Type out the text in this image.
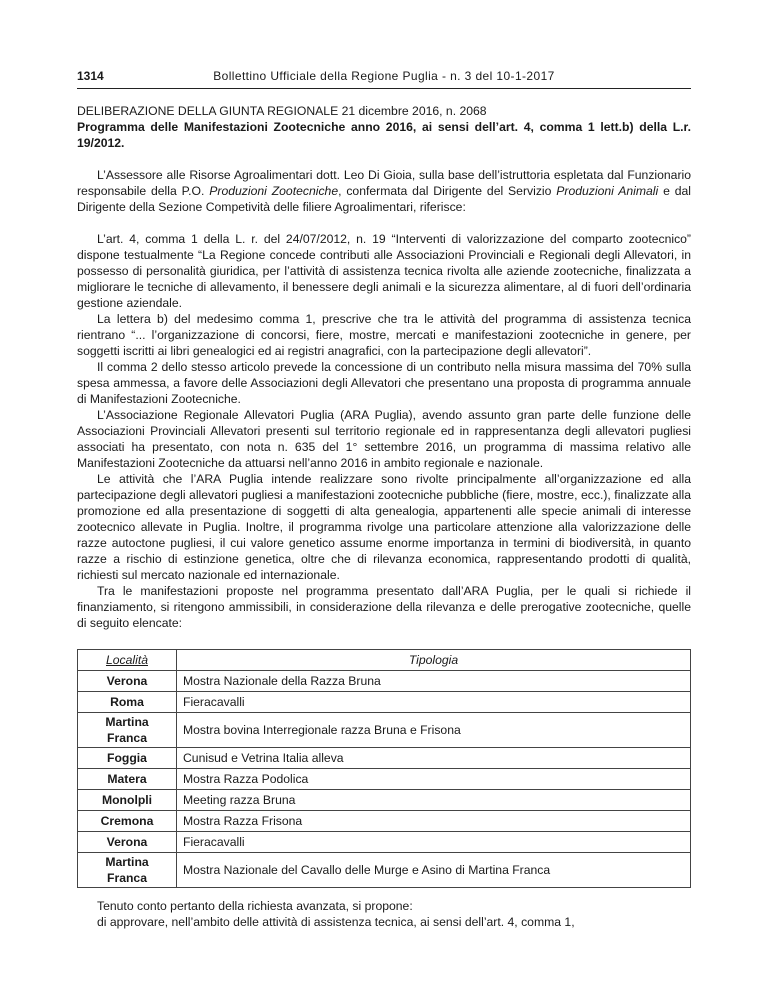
1314	Bollettino Ufficiale della Regione Puglia - n. 3 del 10-1-2017

DELIBERAZIONE DELLA GIUNTA REGIONALE 21 dicembre 2016, n. 2068

Programma delle Manifestazioni Zootecniche anno 2016, ai sensi dell’art. 4, comma 1 lett.b) della L.r. 19/2012.

L’Assessore alle Risorse Agroalimentari dott. Leo Di Gioia, sulla base dell’istruttoria espletata dal Funzionario responsabile della P.O. Produzioni Zootecniche, confermata dal Dirigente del Servizio Produzioni Animali e dal Dirigente della Sezione Competività delle filiere Agroalimentari, riferisce:

L’art. 4, comma 1 della L. r. del 24/07/2012, n. 19 “Interventi di valorizzazione del comparto zootecnico” dispone testualmente “La Regione concede contributi alle Associazioni Provinciali e Regionali degli Allevatori, in possesso di personalità giuridica, per l’attività di assistenza tecnica rivolta alle aziende zootecniche, finalizzata a migliorare le tecniche di allevamento, il benessere degli animali e la sicurezza alimentare, al di fuori dell’ordinaria gestione aziendale.

La lettera b) del medesimo comma 1, prescrive che tra le attività del programma di assistenza tecnica rientrano “... l’organizzazione di concorsi, fiere, mostre, mercati e manifestazioni zootecniche in genere, per soggetti iscritti ai libri genealogici ed ai registri anagrafici, con la partecipazione degli allevatori”.

Il comma 2 dello stesso articolo prevede la concessione di un contributo nella misura massima del 70% sulla spesa ammessa, a favore delle Associazioni degli Allevatori che presentano una proposta di programma annuale di Manifestazioni Zootecniche.

L’Associazione Regionale Allevatori Puglia (ARA Puglia), avendo assunto gran parte delle funzione delle Associazioni Provinciali Allevatori presenti sul territorio regionale ed in rappresentanza degli allevatori pugliesi associati ha presentato, con nota n. 635 del 1° settembre 2016, un programma di massima relativo alle Manifestazioni Zootecniche da attuarsi nell’anno 2016 in ambito regionale e nazionale.

Le attività che l’ARA Puglia intende realizzare sono rivolte principalmente all’organizzazione ed alla partecipazione degli allevatori pugliesi a manifestazioni zootecniche pubbliche (fiere, mostre, ecc.), finalizzate alla promozione ed alla presentazione di soggetti di alta genealogia, appartenenti alle specie animali di interesse zootecnico allevate in Puglia. Inoltre, il programma rivolge una particolare attenzione alla valorizzazione delle razze autoctone pugliesi, il cui valore genetico assume enorme importanza in termini di biodiversità, in quanto razze a rischio di estinzione genetica, oltre che di rilevanza economica, rappresentando prodotti di qualità, richiesti sul mercato nazionale ed internazionale.

Tra le manifestazioni proposte nel programma presentato dall’ARA Puglia, per le quali si richiede il finanziamento, si ritengono ammissibili, in considerazione della rilevanza e delle prerogative zootecniche, quelle di seguito elencate:

Località	Tipologia
Verona	Mostra Nazionale della Razza Bruna
Roma	Fieracavalli
Martina Franca	Mostra bovina Interregionale razza Bruna e Frisona
Foggia	Cunisud e Vetrina Italia alleva
Matera	Mostra Razza Podolica
Monolpli	Meeting razza Bruna
Cremona	Mostra Razza Frisona
Verona	Fieracavalli
Martina Franca	Mostra Nazionale del Cavallo delle Murge e Asino di Martina Franca

Tenuto conto pertanto della richiesta avanzata, si propone:

di approvare, nell’ambito delle attività di assistenza tecnica, ai sensi dell’art. 4, comma 1,
